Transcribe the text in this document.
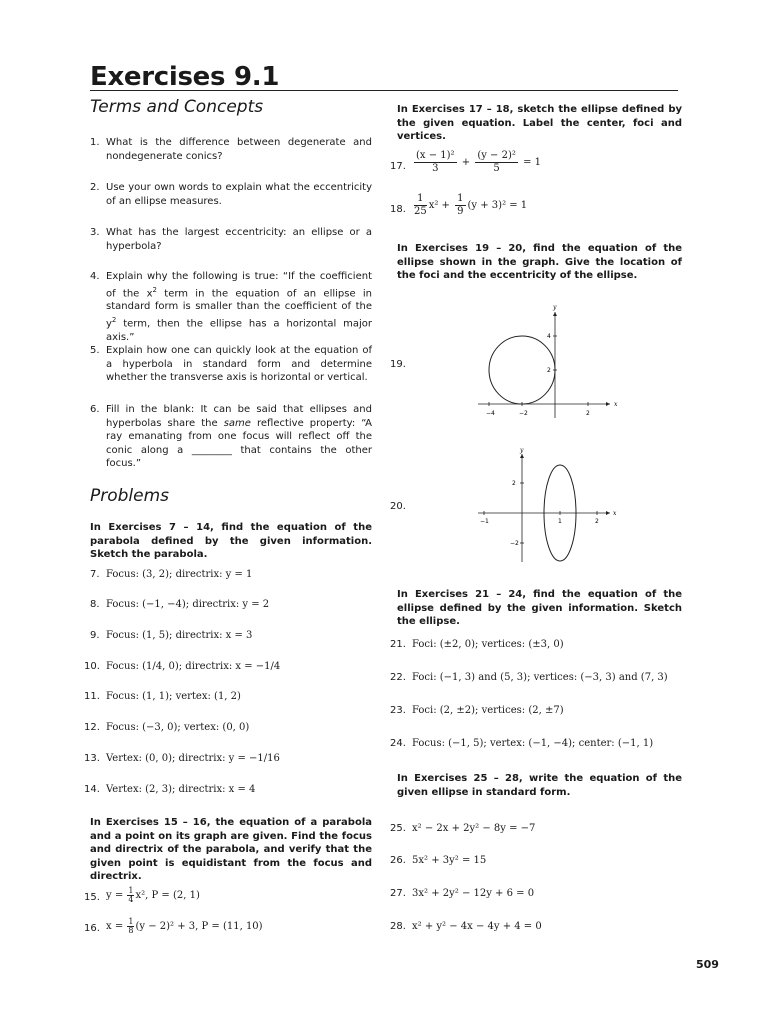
Exercises 9.1
Terms and Concepts
1. What is the difference between degenerate and nondegenerate conics?
2. Use your own words to explain what the eccentricity of an ellipse measures.
3. What has the largest eccentricity: an ellipse or a hyperbola?
4. Explain why the following is true: “If the coefficient of the $x^2$ term in the equation of an ellipse in standard form is smaller than the coefficient of the $y^2$ term, then the ellipse has a horizontal major axis.”
5. Explain how one can quickly look at the equation of a hyperbola in standard form and determine whether the transverse axis is horizontal or vertical.
6. Fill in the blank: It can be said that ellipses and hyperbolas share the same reflective property: “A ray emanating from one focus will reflect off the conic along a ________ that contains the other focus.”
Problems
In Exercises 7 – 14, find the equation of the parabola defined by the given information. Sketch the parabola.
7. Focus: (3, 2); directrix: y = 1
8. Focus: (−1, −4); directrix: y = 2
9. Focus: (1, 5); directrix: x = 3
10. Focus: (1/4, 0); directrix: x = −1/4
11. Focus: (1, 1); vertex: (1, 2)
12. Focus: (−3, 0); vertex: (0, 0)
13. Vertex: (0, 0); directrix: y = −1/16
14. Vertex: (2, 3); directrix: x = 4
In Exercises 15 – 16, the equation of a parabola and a point on its graph are given. Find the focus and directrix of the parabola, and verify that the given point is equidistant from the focus and directrix.
15. $y = \frac{1}{4} x^2$, P = (2, 1)
16. $x = \frac{1}{8} (y - 2)^2 + 3$, P = (11, 10)
In Exercises 17 – 18, sketch the ellipse defined by the given equation. Label the center, foci and vertices.
17. $\frac{\text{(x − 1)²}}{3} + \frac{\text{(y − 2)²}}{5} = 1$
18. $\frac{1}{25} x^2 + \frac{1}{9} (y + 3)^2 = 1$
In Exercises 19 – 20, find the equation of the ellipse shown in the graph. Give the location of the foci and the eccentricity of the ellipse.
19.
x
y
−4	−2	2
2
4
20.
x
y
−1	1	2
2
−2
In Exercises 21 – 24, find the equation of the ellipse defined by the given information. Sketch the ellipse.
21. Foci: (±2, 0); vertices: (±3, 0)
22. Foci: (−1, 3) and (5, 3); vertices: (−3, 3) and (7, 3)
23. Foci: (2, ±2); vertices: (2, ±7)
24. Focus: (−1, 5); vertex: (−1, −4); center: (−1, 1)
In Exercises 25 – 28, write the equation of the given ellipse in standard form.
25. x² − 2x + 2y² − 8y = −7
26. 5x² + 3y² = 15
27. 3x² + 2y² − 12y + 6 = 0
28. x² + y² − 4x − 4y + 4 = 0
509
